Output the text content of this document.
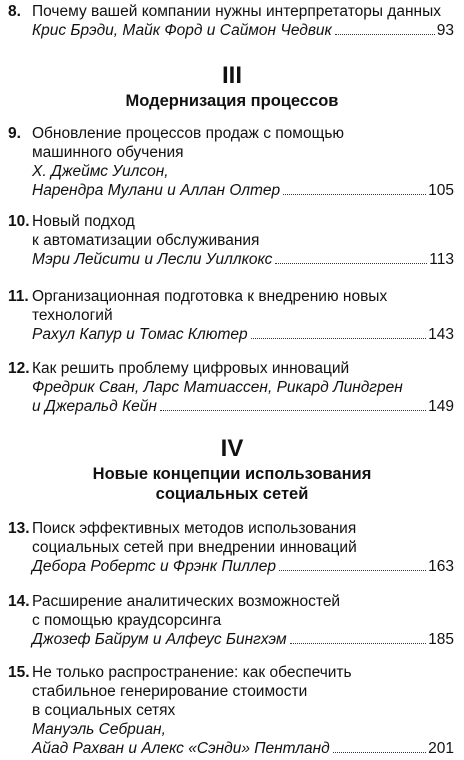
8. Почему вашей компании нужны интерпретаторы данных
Крис Брэди, Майк Форд и Саймон Чедвик	93
III
Модернизация процессов
9. Обновление процессов продаж с помощью
машинного обучения
Х. Джеймс Уилсон,
Нарендра Мулани и Аллан Олтер	105
10. Новый подход
к автоматизации обслуживания
Мэри Лейсити и Лесли Уиллкокс	113
11. Организационная подготовка к внедрению новых
технологий
Рахул Капур и Томас Клютер	143
12. Как решить проблему цифровых инноваций
Фредрик Сван, Ларс Матиассен, Рикард Линдгрен
и Джеральд Кейн	149
IV
Новые концепции использования
социальных сетей
13. Поиск эффективных методов использования
социальных сетей при внедрении инноваций
Дебора Робертс и Фрэнк Пиллер	163
14. Расширение аналитических возможностей
с помощью краудсорсинга
Джозеф Байрум и Алфеус Бингхэм	185
15. Не только распространение: как обеспечить
стабильное генерирование стоимости
в социальных сетях
Мануэль Себриан,
Айад Рахван и Алекс «Сэнди» Пентланд	201
